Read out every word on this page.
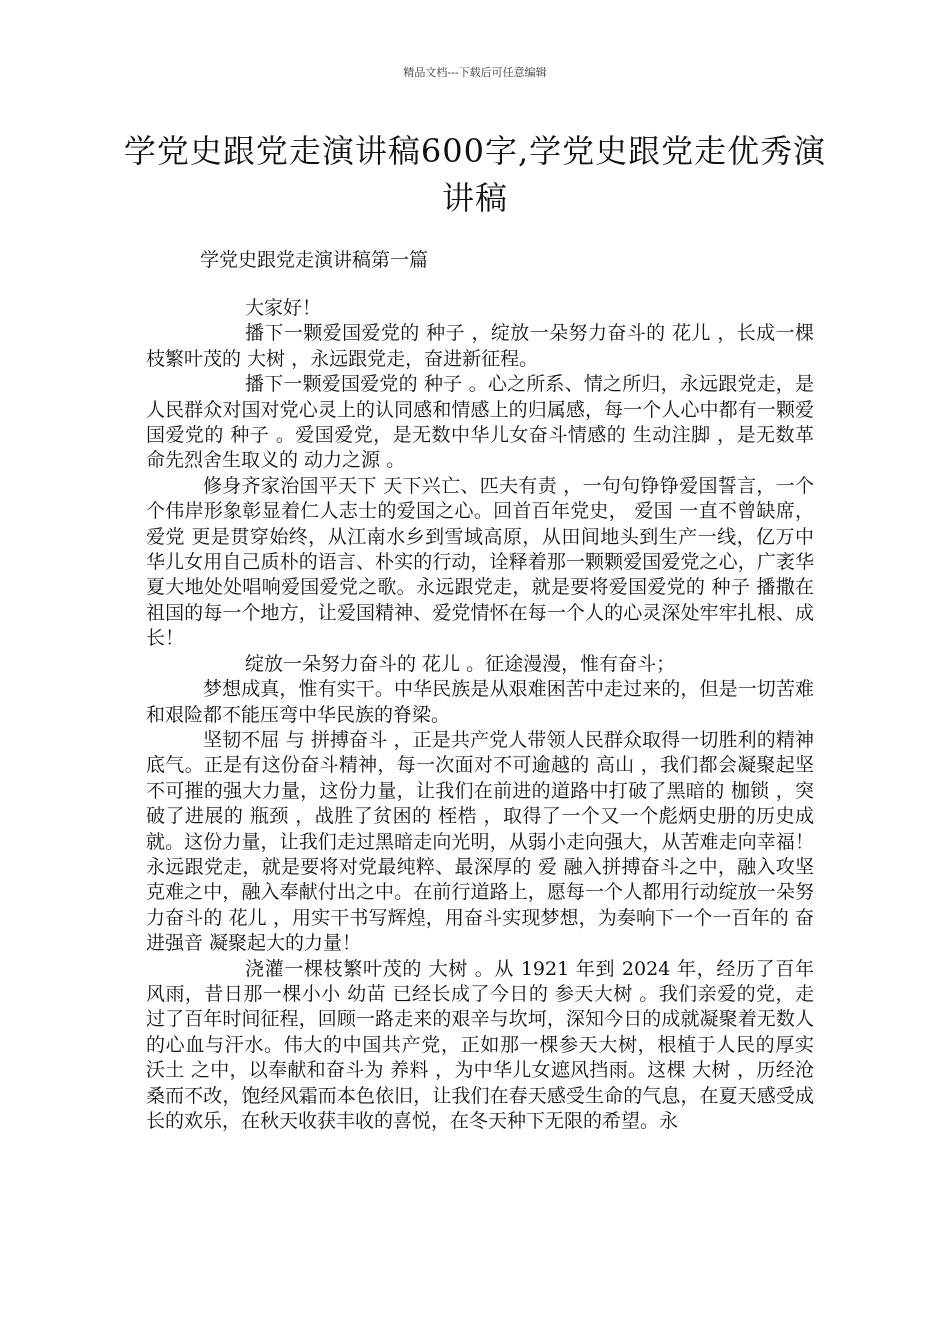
精品文档---下载后可任意编辑
学党史跟党走演讲稿600字,学党史跟党走优秀演讲稿
学党史跟党走演讲稿第一篇

大家好！

播下一颗爱国爱党的 种子 ，绽放一朵努力奋斗的 花儿 ，长成一棵枝繁叶茂的 大树 ，永远跟党走，奋进新征程。

播下一颗爱国爱党的 种子 。心之所系、情之所归，永远跟党走，是人民群众对国对党心灵上的认同感和情感上的归属感，每一个人心中都有一颗爱国爱党的 种子 。爱国爱党，是无数中华儿女奋斗情感的 生动注脚 ，是无数革命先烈舍生取义的 动力之源 。

修身齐家治国平天下 天下兴亡、匹夫有责 ，一句句铮铮爱国誓言，一个个伟岸形象彰显着仁人志士的爱国之心。回首百年党史， 爱国 一直不曾缺席， 爱党 更是贯穿始终，从江南水乡到雪域高原，从田间地头到生产一线，亿万中华儿女用自己质朴的语言、朴实的行动，诠释着那一颗颗爱国爱党之心，广袤华夏大地处处唱响爱国爱党之歌。永远跟党走，就是要将爱国爱党的 种子 播撒在祖国的每一个地方，让爱国精神、爱党情怀在每一个人的心灵深处牢牢扎根、成长！

绽放一朵努力奋斗的 花儿 。征途漫漫，惟有奋斗；

梦想成真，惟有实干。中华民族是从艰难困苦中走过来的，但是一切苦难和艰险都不能压弯中华民族的脊梁。

坚韧不屈 与 拼搏奋斗 ，正是共产党人带领人民群众取得一切胜利的精神底气。正是有这份奋斗精神，每一次面对不可逾越的 高山 ，我们都会凝聚起坚不可摧的强大力量，这份力量，让我们在前进的道路中打破了黑暗的 枷锁 ，突破了进展的 瓶颈 ，战胜了贫困的 桎梏 ，取得了一个又一个彪炳史册的历史成就。这份力量，让我们走过黑暗走向光明，从弱小走向强大，从苦难走向幸福！永远跟党走，就是要将对党最纯粹、最深厚的 爱 融入拼搏奋斗之中，融入攻坚克难之中，融入奉献付出之中。在前行道路上，愿每一个人都用行动绽放一朵努力奋斗的 花儿 ，用实干书写辉煌，用奋斗实现梦想，为奏响下一个一百年的 奋进强音 凝聚起大的力量！

浇灌一棵枝繁叶茂的 大树 。从 1921 年到 2024 年，经历了百年风雨，昔日那一棵小小 幼苗 已经长成了今日的 参天大树 。我们亲爱的党，走过了百年时间征程，回顾一路走来的艰辛与坎坷，深知今日的成就凝聚着无数人的心血与汗水。伟大的中国共产党，正如那一棵参天大树，根植于人民的厚实 沃土 之中，以奉献和奋斗为 养料 ，为中华儿女遮风挡雨。这棵 大树 ，历经沧桑而不改，饱经风霜而本色依旧，让我们在春天感受生命的气息，在夏天感受成长的欢乐，在秋天收获丰收的喜悦，在冬天种下无限的希望。永
